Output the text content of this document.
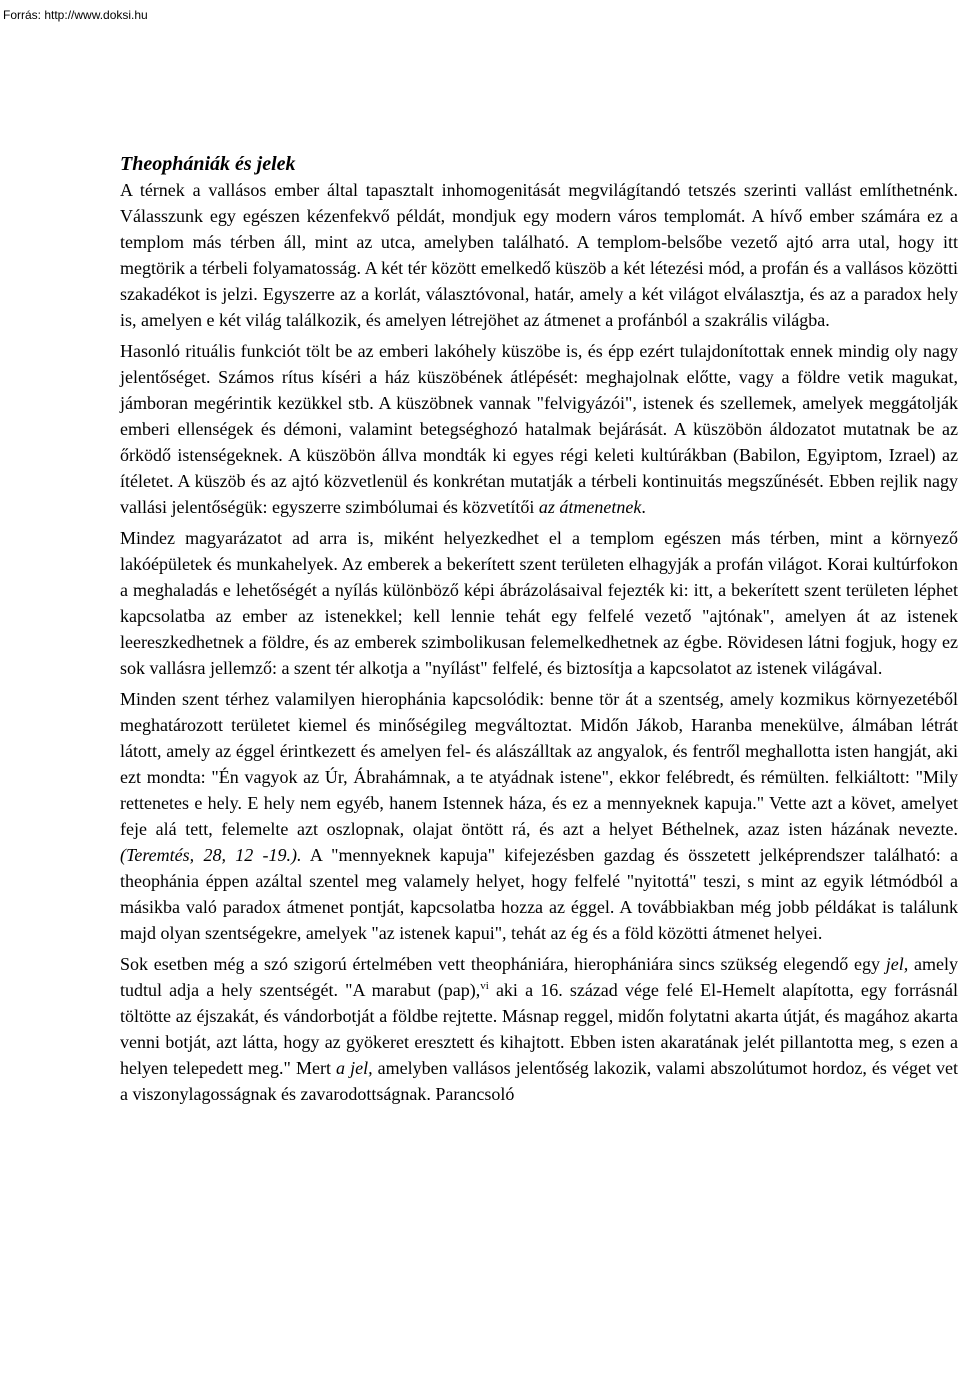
Forrás: http://www.doksi.hu

Theophániák és jelek

A térnek a vallásos ember által tapasztalt inhomogenitását megvilágítandó tetszés szerinti vallást említhetnénk. Válasszunk egy egészen kézenfekvő példát, mondjuk egy modern város templomát. A hívő ember számára ez a templom más térben áll, mint az utca, amelyben található. A templom-belsőbe vezető ajtó arra utal, hogy itt megtörik a térbeli folyamatosság. A két tér között emelkedő küszöb a két létezési mód, a profán és a vallásos közötti szakadékot is jelzi. Egyszerre az a korlát, választóvonal, határ, amely a két világot elválasztja, és az a paradox hely is, amelyen e két világ találkozik, és amelyen létrejöhet az átmenet a profánból a szakrális világba.

Hasonló rituális funkciót tölt be az emberi lakóhely küszöbe is, és épp ezért tulajdonítottak ennek mindig oly nagy jelentőséget. Számos rítus kíséri a ház küszöbének átlépését: meghajolnak előtte, vagy a földre vetik magukat, jámboran megérintik kezükkel stb. A küszöbnek vannak "felvigyázói", istenek és szellemek, amelyek meggátolják emberi ellenségek és démoni, valamint betegséghozó hatalmak bejárását. A küszöbön áldozatot mutatnak be az őrködő istenségeknek. A küszöbön állva mondták ki egyes régi keleti kultúrákban (Babilon, Egyiptom, Izrael) az ítéletet. A küszöb és az ajtó közvetlenül és konkrétan mutatják a térbeli kontinuitás megszűnését. Ebben rejlik nagy vallási jelentőségük: egyszerre szimbólumai és közvetítői az átmenetnek.

Mindez magyarázatot ad arra is, miként helyezkedhet el a templom egészen más térben, mint a környező lakóépületek és munkahelyek. Az emberek a bekerített szent területen elhagyják a profán világot. Korai kultúrfokon a meghaladás e lehetőségét a nyílás különböző képi ábrázolásaival fejezték ki: itt, a bekerített szent területen léphet kapcsolatba az ember az istenekkel; kell lennie tehát egy felfelé vezető "ajtónak", amelyen át az istenek leereszkedhetnek a földre, és az emberek szimbolikusan felemelkedhetnek az égbe. Rövidesen látni fogjuk, hogy ez sok vallásra jellemző: a szent tér alkotja a "nyílást" felfelé, és biztosítja a kapcsolatot az istenek világával.

Minden szent térhez valamilyen hierophánia kapcsolódik: benne tör át a szentség, amely kozmikus környezetéből meghatározott területet kiemel és minőségileg megváltoztat. Midőn Jákob, Haranba menekülve, álmában létrát látott, amely az éggel érintkezett és amelyen fel- és alászálltak az angyalok, és fentről meghallotta isten hangját, aki ezt mondta: "Én vagyok az Úr, Ábrahámnak, a te atyádnak istene", ekkor felébredt, és rémülten. felkiáltott: "Mily rettenetes e hely. E hely nem egyéb, hanem Istennek háza, és ez a mennyeknek kapuja." Vette azt a követ, amelyet feje alá tett, felemelte azt oszlopnak, olajat öntött rá, és azt a helyet Béthelnek, azaz isten házának nevezte. (Teremtés, 28, 12 -19.). A "mennyeknek kapuja" kifejezésben gazdag és összetett jelképrendszer található: a theophánia éppen azáltal szentel meg valamely helyet, hogy felfelé "nyitottá" teszi, s mint az egyik létmódból a másikba való paradox átmenet pontját, kapcsolatba hozza az éggel. A továbbiakban még jobb példákat is találunk majd olyan szentségekre, amelyek "az istenek kapui", tehát az ég és a föld közötti átmenet helyei.

Sok esetben még a szó szigorú értelmében vett theophániára, hierophániára sincs szükség elegendő egy jel, amely tudtul adja a hely szentségét. "A marabut (pap),$^{vi}$ aki a 16. század vége felé El-Hemelt alapította, egy forrásnál töltötte az éjszakát, és vándorbotját a földbe rejtette. Másnap reggel, midőn folytatni akarta útját, és magához akarta venni botját, azt látta, hogy az gyökeret eresztett és kihajtott. Ebben isten akaratának jelét pillantotta meg, s ezen a helyen telepedett meg." Mert a jel, amelyben vallásos jelentőség lakozik, valami abszolútumot hordoz, és véget vet a viszonylagosságnak és zavarodottságnak. Parancsoló
